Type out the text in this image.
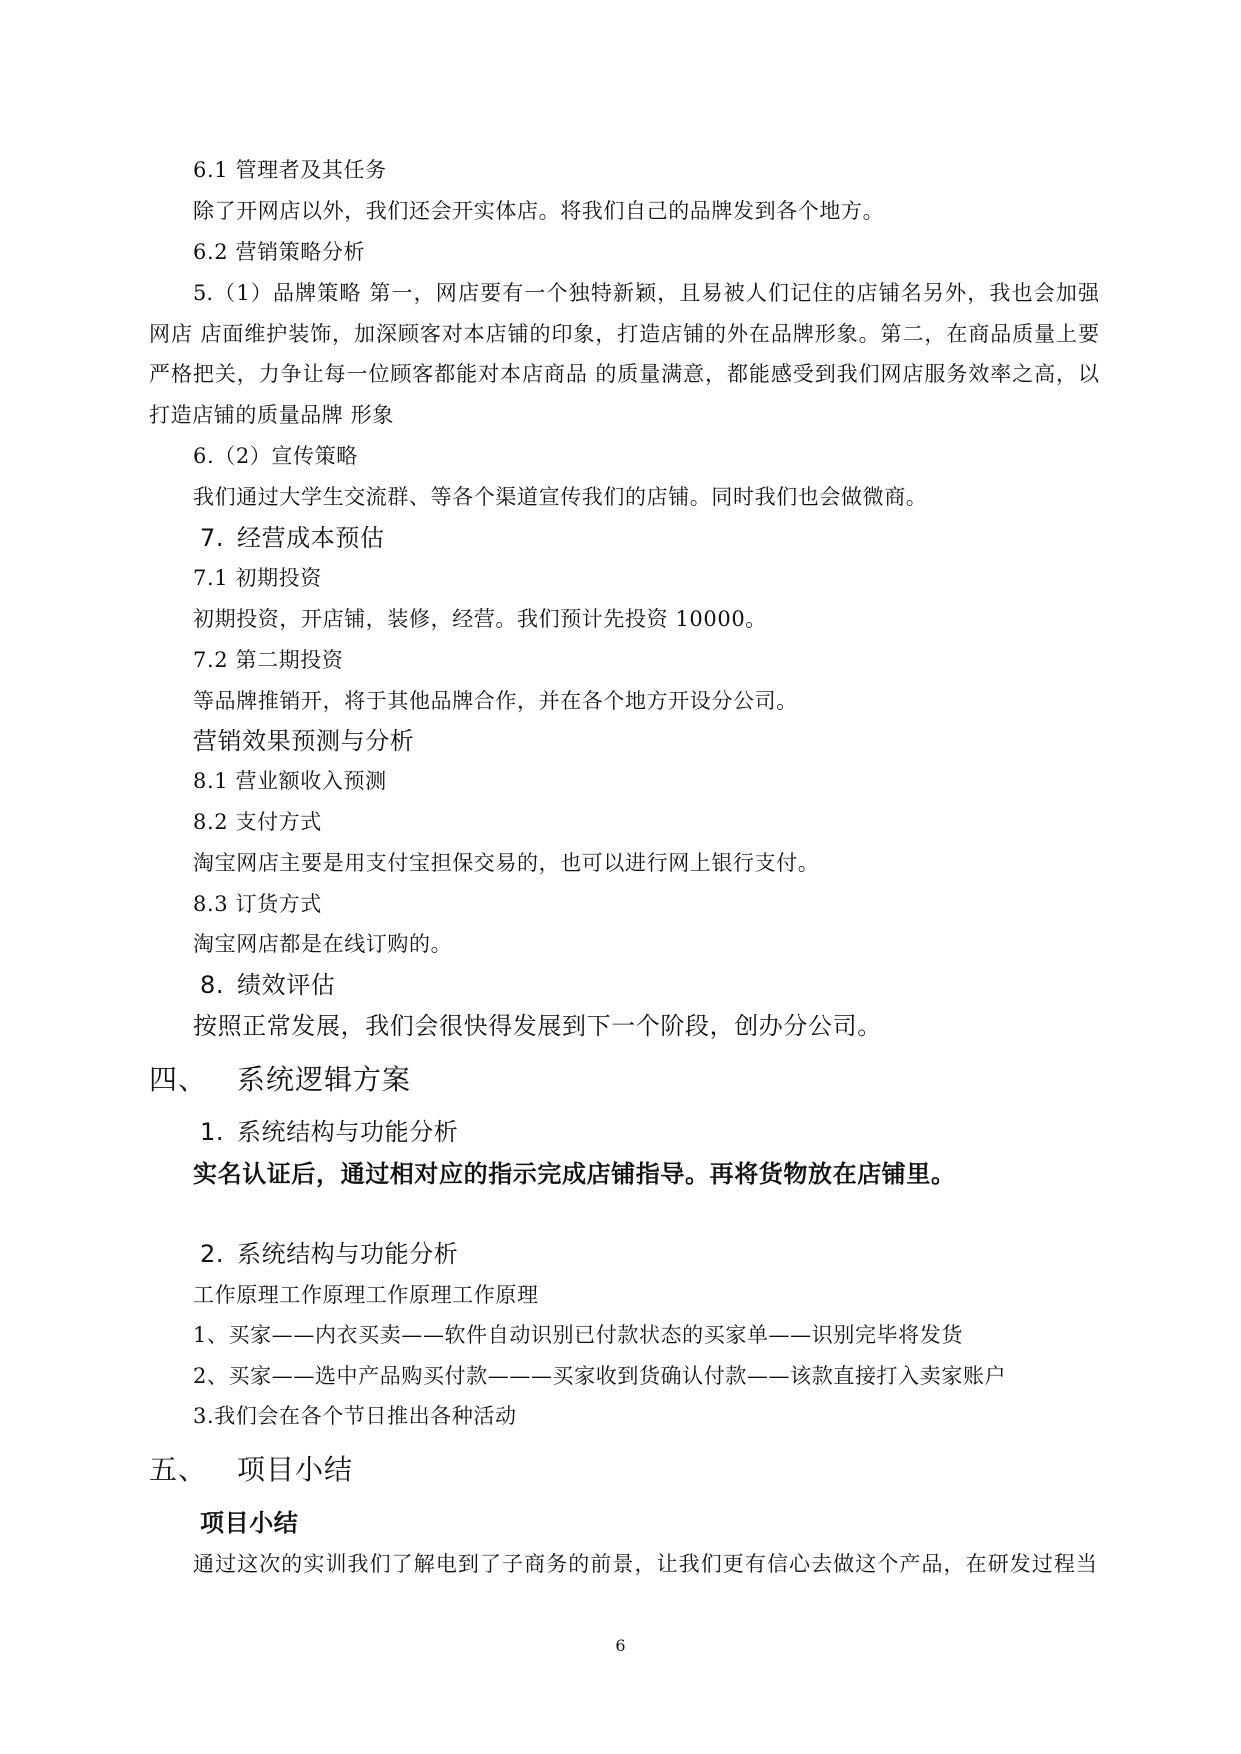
6.1 管理者及其任务
除了开网店以外，我们还会开实体店。将我们自己的品牌发到各个地方。
6.2 营销策略分析
5.（1）品牌策略 第一，网店要有一个独特新颖，且易被人们记住的店铺名另外，我也会加强
网店 店面维护装饰，加深顾客对本店铺的印象，打造店铺的外在品牌形象。第二，在商品质量上要
严格把关，力争让每一位顾客都能对本店商品 的质量满意，都能感受到我们网店服务效率之高，以
打造店铺的质量品牌 形象
6.（2）宣传策略
我们通过大学生交流群、等各个渠道宣传我们的店铺。同时我们也会做微商。
7. 经营成本预估
7.1 初期投资
初期投资，开店铺，装修，经营。我们预计先投资 10000。
7.2 第二期投资
等品牌推销开，将于其他品牌合作，并在各个地方开设分公司。
营销效果预测与分析
8.1 营业额收入预测
8.2 支付方式
淘宝网店主要是用支付宝担保交易的，也可以进行网上银行支付。
8.3 订货方式
淘宝网店都是在线订购的。
8. 绩效评估
按照正常发展，我们会很快得发展到下一个阶段，创办分公司。
四、 系统逻辑方案
1. 系统结构与功能分析
实名认证后，通过相对应的指示完成店铺指导。再将货物放在店铺里。
2. 系统结构与功能分析
工作原理工作原理工作原理工作原理
1、买家——内衣买卖——软件自动识别已付款状态的买家单——识别完毕将发货
2、买家——选中产品购买付款———买家收到货确认付款——该款直接打入卖家账户
3.我们会在各个节日推出各种活动
五、 项目小结
项目小结
通过这次的实训我们了解电到了子商务的前景，让我们更有信心去做这个产品，在研发过程当
6
